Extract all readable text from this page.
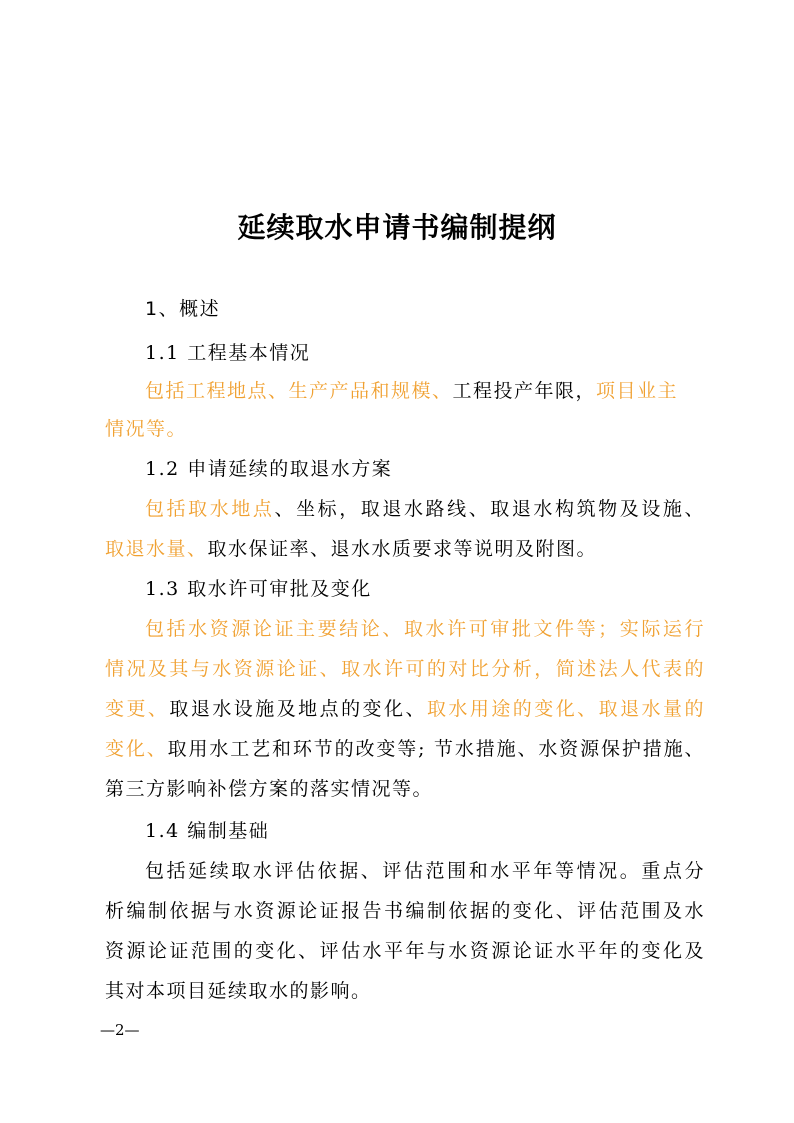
延续取水申请书编制提纲
1、概述
1.1 工程基本情况
包括工程地点、生产产品和规模、工程投产年限，项目业主
情况等。
1.2 申请延续的取退水方案
包括取水地点、坐标，取退水路线、取退水构筑物及设施、
取退水量、取水保证率、退水水质要求等说明及附图。
1.3 取水许可审批及变化
包括水资源论证主要结论、取水许可审批文件等；实际运行
情况及其与水资源论证、取水许可的对比分析，简述法人代表的
变更、取退水设施及地点的变化、取水用途的变化、取退水量的
变化、取用水工艺和环节的改变等; 节水措施、水资源保护措施、
第三方影响补偿方案的落实情况等。
1.4 编制基础
包括延续取水评估依据、评估范围和水平年等情况。重点分
析编制依据与水资源论证报告书编制依据的变化、评估范围及水
资源论证范围的变化、评估水平年与水资源论证水平年的变化及
其对本项目延续取水的影响。
—2—
